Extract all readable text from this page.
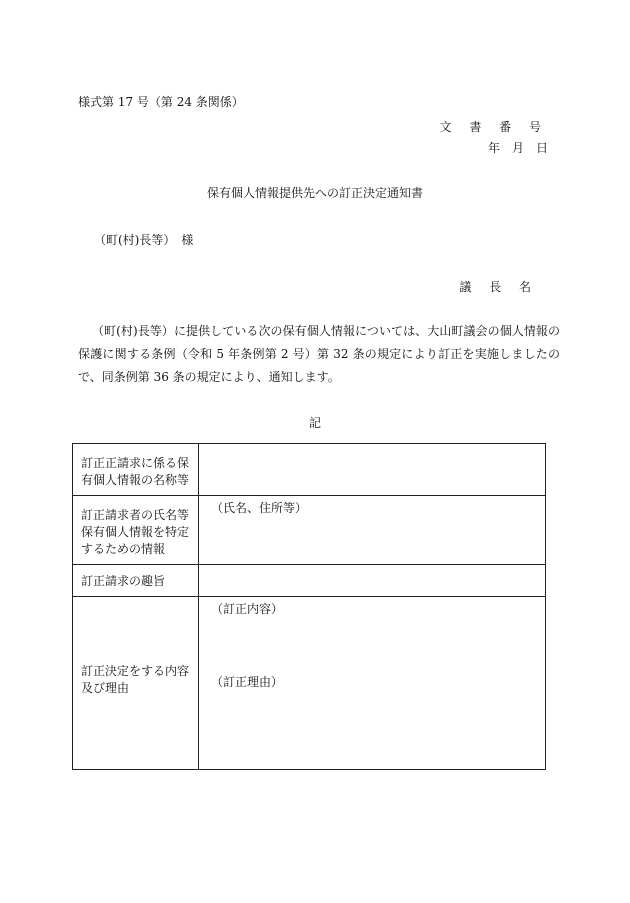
様式第 17 号（第 24 条関係）
文 書 番 号
年　月　日
保有個人情報提供先への訂正決定通知書
（町(村)長等）　様
議 長 名
（町(村)長等）に提供している次の保有個人情報については、大山町議会の個人情報の保護に関する条例（令和 5 年条例第 2 号）第 32 条の規定により訂正を実施しましたので、同条例第 36 条の規定により、通知します。
記
訂正正請求に係る保有個人情報の名称等	
訂正請求者の氏名等保有個人情報を特定するための情報	（氏名、住所等）

訂正請求の趣旨	
訂正決定をする内容及び理由	（訂正内容）
（訂正理由）
